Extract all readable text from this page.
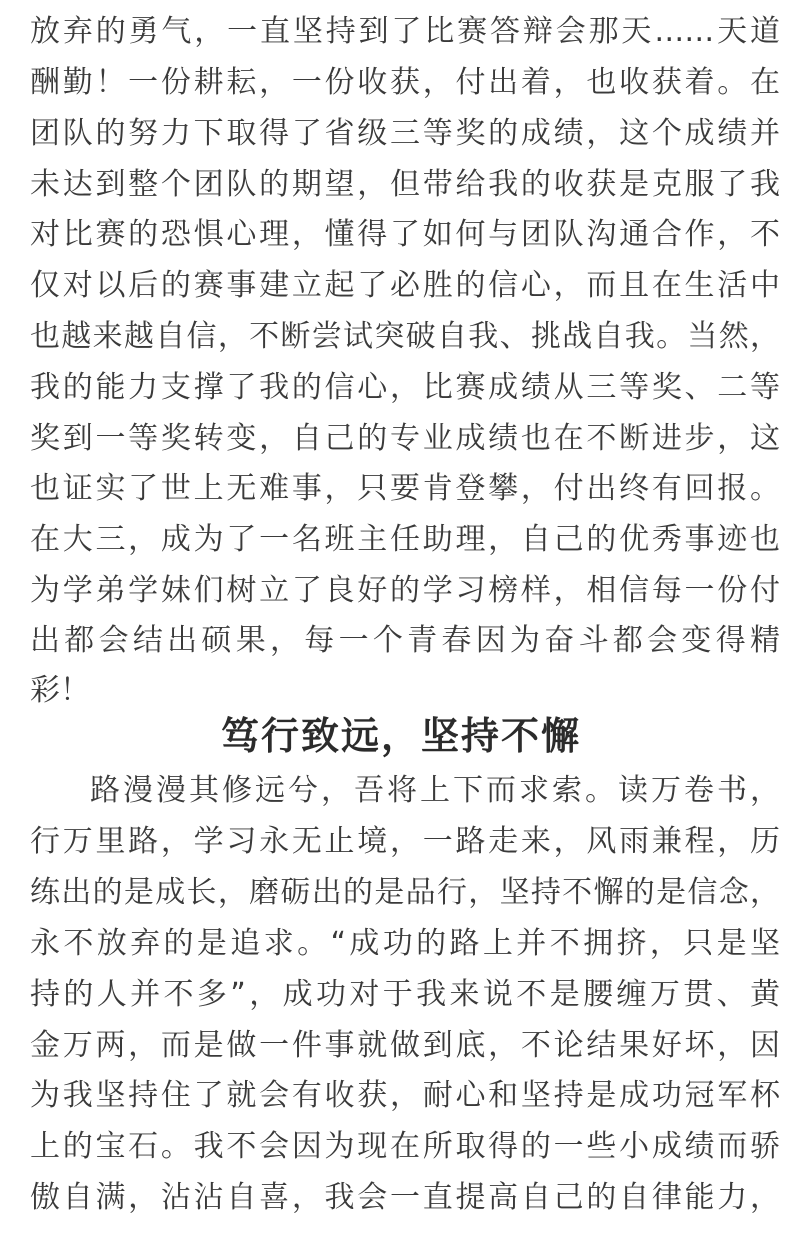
放弃的勇气，一直坚持到了比赛答辩会那天……天道
酬勤！一份耕耘，一份收获，付出着，也收获着。在
团队的努力下取得了省级三等奖的成绩，这个成绩并
未达到整个团队的期望，但带给我的收获是克服了我
对比赛的恐惧心理，懂得了如何与团队沟通合作，不
仅对以后的赛事建立起了必胜的信心，而且在生活中
也越来越自信，不断尝试突破自我、挑战自我。当然，
我的能力支撑了我的信心，比赛成绩从三等奖、二等
奖到一等奖转变，自己的专业成绩也在不断进步，这
也证实了世上无难事，只要肯登攀，付出终有回报。
在大三，成为了一名班主任助理，自己的优秀事迹也
为学弟学妹们树立了良好的学习榜样，相信每一份付
出都会结出硕果，每一个青春因为奋斗都会变得精
彩！
笃行致远，坚持不懈
路漫漫其修远兮，吾将上下而求索。读万卷书，
行万里路，学习永无止境，一路走来，风雨兼程，历
练出的是成长，磨砺出的是品行，坚持不懈的是信念，
永不放弃的是追求。“成功的路上并不拥挤，只是坚
持的人并不多”，成功对于我来说不是腰缠万贯、黄
金万两，而是做一件事就做到底，不论结果好坏，因
为我坚持住了就会有收获，耐心和坚持是成功冠军杯
上的宝石。我不会因为现在所取得的一些小成绩而骄
傲自满，沾沾自喜，我会一直提高自己的自律能力，
